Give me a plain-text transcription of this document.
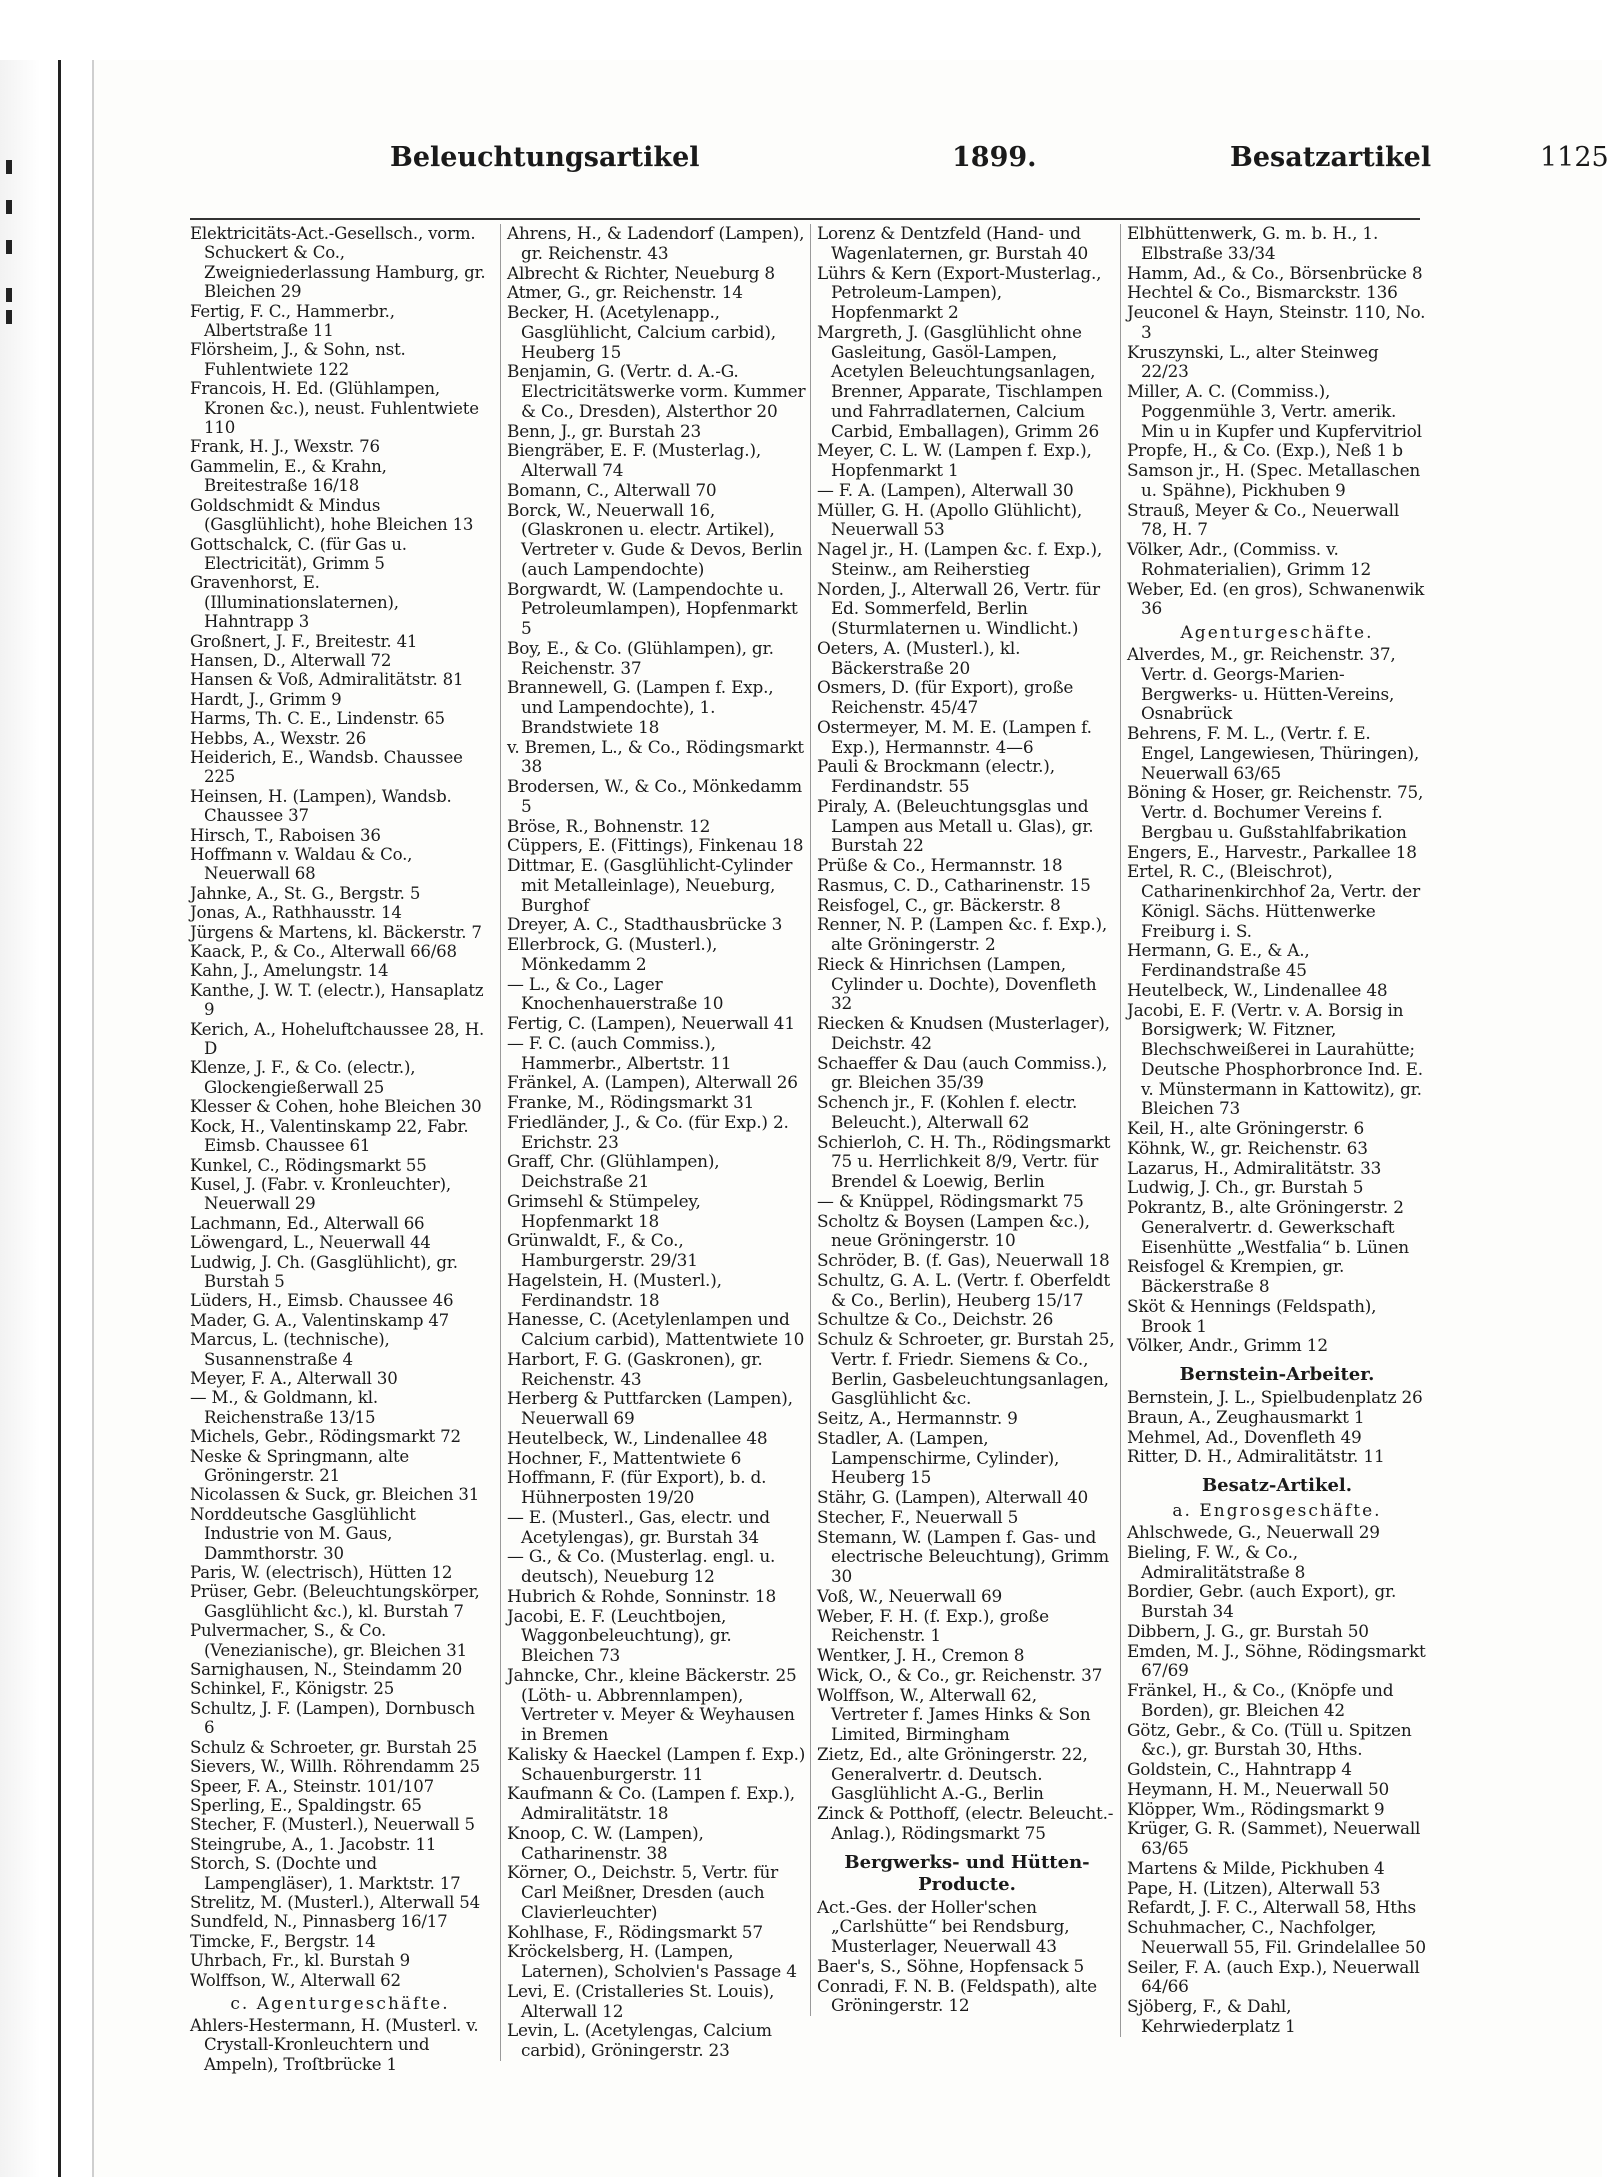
Beleuchtungsartikel	1899.	Besatzartikel	1125

Elektricitäts-Act.-Gesellsch., vorm. Schuckert & Co., Zweigniederlassung Hamburg, gr. Bleichen 29

Fertig, F. C., Hammerbr., Albertstraße 11

Flörsheim, J., & Sohn, nst. Fuhlentwiete 122

Francois, H. Ed. (Glühlampen, Kronen &c.), neust. Fuhlentwiete 110

Frank, H. J., Wexstr. 76

Gammelin, E., & Krahn, Breitestraße 16/18

Goldschmidt & Mindus (Gasglühlicht), hohe Bleichen 13

Gottschalck, C. (für Gas u. Electricität), Grimm 5

Gravenhorst, E. (Illuminationslaternen), Hahntrapp 3

Großnert, J. F., Breitestr. 41

Hansen, D., Alterwall 72

Hansen & Voß, Admiralitätstr. 81

Hardt, J., Grimm 9

Harms, Th. C. E., Lindenstr. 65

Hebbs, A., Wexstr. 26

Heiderich, E., Wandsb. Chaussee 225

Heinsen, H. (Lampen), Wandsb. Chaussee 37

Hirsch, T., Raboisen 36

Hoffmann v. Waldau & Co., Neuerwall 68

Jahnke, A., St. G., Bergstr. 5

Jonas, A., Rathhausstr. 14

Jürgens & Martens, kl. Bäckerstr. 7

Kaack, P., & Co., Alterwall 66/68

Kahn, J., Amelungstr. 14

Kanthe, J. W. T. (electr.), Hansaplatz 9

Kerich, A., Hoheluftchaussee 28, H. D

Klenze, J. F., & Co. (electr.), Glockengießerwall 25

Klesser & Cohen, hohe Bleichen 30

Kock, H., Valentinskamp 22, Fabr. Eimsb. Chaussee 61

Kunkel, C., Rödingsmarkt 55

Kusel, J. (Fabr. v. Kronleuchter), Neuerwall 29

Lachmann, Ed., Alterwall 66

Löwengard, L., Neuerwall 44

Ludwig, J. Ch. (Gasglühlicht), gr. Burstah 5

Lüders, H., Eimsb. Chaussee 46

Mader, G. A., Valentinskamp 47

Marcus, L. (technische), Susannenstraße 4

Meyer, F. A., Alterwall 30

— M., & Goldmann, kl. Reichenstraße 13/15

Michels, Gebr., Rödingsmarkt 72

Neske & Springmann, alte Gröningerstr. 21

Nicolassen & Suck, gr. Bleichen 31

Norddeutsche Gasglühlicht Industrie von M. Gaus, Dammthorstr. 30

Paris, W. (electrisch), Hütten 12

Prüser, Gebr. (Beleuchtungskörper, Gasglühlicht &c.), kl. Burstah 7

Pulvermacher, S., & Co. (Venezianische), gr. Bleichen 31

Sarnighausen, N., Steindamm 20

Schinkel, F., Königstr. 25

Schultz, J. F. (Lampen), Dornbusch 6

Schulz & Schroeter, gr. Burstah 25

Sievers, W., Willh. Röhrendamm 25

Speer, F. A., Steinstr. 101/107

Sperling, E., Spaldingstr. 65

Stecher, F. (Musterl.), Neuerwall 5

Steingrube, A., 1. Jacobstr. 11

Storch, S. (Dochte und Lampengläser), 1. Marktstr. 17

Strelitz, M. (Musterl.), Alterwall 54

Sundfeld, N., Pinnasberg 16/17

Timcke, F., Bergstr. 14

Uhrbach, Fr., kl. Burstah 9

Wolffson, W., Alterwall 62

c. Agenturgeschäfte.

Ahlers-Hestermann, H. (Musterl. v. Crystall-Kronleuchtern und Ampeln), Troſtbrücke 1

Ahrens, H., & Ladendorf (Lampen), gr. Reichenstr. 43

Albrecht & Richter, Neueburg 8

Atmer, G., gr. Reichenstr. 14

Becker, H. (Acetylenapp., Gasglühlicht, Calcium carbid), Heuberg 15

Benjamin, G. (Vertr. d. A.-G. Electricitätswerke vorm. Kummer & Co., Dresden), Alsterthor 20

Benn, J., gr. Burstah 23

Biengräber, E. F. (Musterlag.), Alterwall 74

Bomann, C., Alterwall 70

Borck, W., Neuerwall 16, (Glaskronen u. electr. Artikel), Vertreter v. Gude & Devos, Berlin (auch Lampendochte)

Borgwardt, W. (Lampendochte u. Petroleumlampen), Hopfenmarkt 5

Boy, E., & Co. (Glühlampen), gr. Reichenstr. 37

Brannewell, G. (Lampen f. Exp., und Lampendochte), 1. Brandstwiete 18

v. Bremen, L., & Co., Rödingsmarkt 38

Brodersen, W., & Co., Mönkedamm 5

Bröse, R., Bohnenstr. 12

Cüppers, E. (Fittings), Finkenau 18

Dittmar, E. (Gasglühlicht-Cylinder mit Metalleinlage), Neueburg, Burghof

Dreyer, A. C., Stadthausbrücke 3

Ellerbrock, G. (Musterl.), Mönkedamm 2

— L., & Co., Lager Knochenhauerstraße 10

Fertig, C. (Lampen), Neuerwall 41

— F. C. (auch Commiss.), Hammerbr., Albertstr. 11

Fränkel, A. (Lampen), Alterwall 26

Franke, M., Rödingsmarkt 31

Friedländer, J., & Co. (für Exp.) 2. Erichstr. 23

Graff, Chr. (Glühlampen), Deichstraße 21

Grimsehl & Stümpeley, Hopfenmarkt 18

Grünwaldt, F., & Co., Hamburgerstr. 29/31

Hagelstein, H. (Musterl.), Ferdinandstr. 18

Hanesse, C. (Acetylenlampen und Calcium carbid), Mattentwiete 10

Harbort, F. G. (Gaskronen), gr. Reichenstr. 43

Herberg & Puttfarcken (Lampen), Neuerwall 69

Heutelbeck, W., Lindenallee 48

Hochner, F., Mattentwiete 6

Hoffmann, F. (für Export), b. d. Hühnerposten 19/20

— E. (Musterl., Gas, electr. und Acetylengas), gr. Burstah 34

— G., & Co. (Musterlag. engl. u. deutsch), Neueburg 12

Hubrich & Rohde, Sonninstr. 18

Jacobi, E. F. (Leuchtbojen, Waggonbeleuchtung), gr. Bleichen 73

Jahncke, Chr., kleine Bäckerstr. 25 (Löth- u. Abbrennlampen), Vertreter v. Meyer & Weyhausen in Bremen

Kalisky & Haeckel (Lampen f. Exp.) Schauenburgerstr. 11

Kaufmann & Co. (Lampen f. Exp.), Admiralitätstr. 18

Knoop, C. W. (Lampen), Catharinenstr. 38

Körner, O., Deichstr. 5, Vertr. für Carl Meißner, Dresden (auch Clavierleuchter)

Kohlhase, F., Rödingsmarkt 57

Kröckelsberg, H. (Lampen, Laternen), Scholvien's Passage 4

Levi, E. (Cristalleries St. Louis), Alterwall 12

Levin, L. (Acetylengas, Calcium carbid), Gröningerstr. 23

Lorenz & Dentzfeld (Hand- und Wagenlaternen, gr. Burstah 40

Lührs & Kern (Export-Musterlag., Petroleum-Lampen), Hopfenmarkt 2

Margreth, J. (Gasglühlicht ohne Gasleitung, Gasöl-Lampen, Acetylen Beleuchtungsanlagen, Brenner, Apparate, Tischlampen und Fahrradlaternen, Calcium Carbid, Emballagen), Grimm 26

Meyer, C. L. W. (Lampen f. Exp.), Hopfenmarkt 1

— F. A. (Lampen), Alterwall 30

Müller, G. H. (Apollo Glühlicht), Neuerwall 53

Nagel jr., H. (Lampen &c. f. Exp.), Steinw., am Reiherstieg

Norden, J., Alterwall 26, Vertr. für Ed. Sommerfeld, Berlin (Sturmlaternen u. Windlicht.)

Oeters, A. (Musterl.), kl. Bäckerstraße 20

Osmers, D. (für Export), große Reichenstr. 45/47

Ostermeyer, M. M. E. (Lampen f. Exp.), Hermannstr. 4—6

Pauli & Brockmann (electr.), Ferdinandstr. 55

Piraly, A. (Beleuchtungsglas und Lampen aus Metall u. Glas), gr. Burstah 22

Prüße & Co., Hermannstr. 18

Rasmus, C. D., Catharinenstr. 15

Reisfogel, C., gr. Bäckerstr. 8

Renner, N. P. (Lampen &c. f. Exp.), alte Gröningerstr. 2

Rieck & Hinrichsen (Lampen, Cylinder u. Dochte), Dovenfleth 32

Riecken & Knudsen (Musterlager), Deichstr. 42

Schaeffer & Dau (auch Commiss.), gr. Bleichen 35/39

Schench jr., F. (Kohlen f. electr. Beleucht.), Alterwall 62

Schierloh, C. H. Th., Rödingsmarkt 75 u. Herrlichkeit 8/9, Vertr. für Brendel & Loewig, Berlin

— & Knüppel, Rödingsmarkt 75

Scholtz & Boysen (Lampen &c.), neue Gröningerstr. 10

Schröder, B. (f. Gas), Neuerwall 18

Schultz, G. A. L. (Vertr. f. Oberfeldt & Co., Berlin), Heuberg 15/17

Schultze & Co., Deichstr. 26

Schulz & Schroeter, gr. Burstah 25, Vertr. f. Friedr. Siemens & Co., Berlin, Gasbeleuchtungsanlagen, Gasglühlicht &c.

Seitz, A., Hermannstr. 9

Stadler, A. (Lampen, Lampenschirme, Cylinder), Heuberg 15

Stähr, G. (Lampen), Alterwall 40

Stecher, F., Neuerwall 5

Stemann, W. (Lampen f. Gas- und electrische Beleuchtung), Grimm 30

Voß, W., Neuerwall 69

Weber, F. H. (f. Exp.), große Reichenstr. 1

Wentker, J. H., Cremon 8

Wick, O., & Co., gr. Reichenstr. 37

Wolffson, W., Alterwall 62, Vertreter f. James Hinks & Son Limited, Birmingham

Zietz, Ed., alte Gröningerstr. 22, Generalvertr. d. Deutsch. Gasglühlicht A.-G., Berlin

Zinck & Potthoff, (electr. Beleucht.-Anlag.), Rödingsmarkt 75

Bergwerks- und Hütten-Producte.

Act.-Ges. der Holler'schen „Carlshütte“ bei Rendsburg, Musterlager, Neuerwall 43

Baer's, S., Söhne, Hopfensack 5

Conradi, F. N. B. (Feldspath), alte Gröningerstr. 12

Elbhüttenwerk, G. m. b. H., 1. Elbstraße 33/34

Hamm, Ad., & Co., Börsenbrücke 8

Hechtel & Co., Bismarckstr. 136

Jeuconel & Hayn, Steinstr. 110, No. 3

Kruszynski, L., alter Steinweg 22/23

Miller, A. C. (Commiss.), Poggenmühle 3, Vertr. amerik. Min u in Kupfer und Kupfervitriol

Propfe, H., & Co. (Exp.), Neß 1 b

Samson jr., H. (Spec. Metallaschen u. Spähne), Pickhuben 9

Strauß, Meyer & Co., Neuerwall 78, H. 7

Völker, Adr., (Commiss. v. Rohmaterialien), Grimm 12

Weber, Ed. (en gros), Schwanenwik 36

Agenturgeschäfte.

Alverdes, M., gr. Reichenstr. 37, Vertr. d. Georgs-Marien-Bergwerks- u. Hütten-Vereins, Osnabrück

Behrens, F. M. L., (Vertr. f. E. Engel, Langewiesen, Thüringen), Neuerwall 63/65

Böning & Hoser, gr. Reichenstr. 75, Vertr. d. Bochumer Vereins f. Bergbau u. Gußstahlfabrikation

Engers, E., Harvestr., Parkallee 18

Ertel, R. C., (Bleischrot), Catharinenkirchhof 2a, Vertr. der Königl. Sächs. Hüttenwerke Freiburg i. S.

Hermann, G. E., & A., Ferdinandstraße 45

Heutelbeck, W., Lindenallee 48

Jacobi, E. F. (Vertr. v. A. Borsig in Borsigwerk; W. Fitzner, Blechschweißerei in Laurahütte; Deutsche Phosphorbronce Ind. E. v. Münstermann in Kattowitz), gr. Bleichen 73

Keil, H., alte Gröningerstr. 6

Köhnk, W., gr. Reichenstr. 63

Lazarus, H., Admiralitätstr. 33

Ludwig, J. Ch., gr. Burstah 5

Pokrantz, B., alte Gröningerstr. 2 Generalvertr. d. Gewerkschaft Eisenhütte „Westfalia“ b. Lünen

Reisfogel & Krempien, gr. Bäckerstraße 8

Sköt & Hennings (Feldspath), Brook 1

Völker, Andr., Grimm 12

Bernstein-Arbeiter.

Bernstein, J. L., Spielbudenplatz 26

Braun, A., Zeughausmarkt 1

Mehmel, Ad., Dovenfleth 49

Ritter, D. H., Admiralitätstr. 11

Besatz-Artikel.
a. Engrosgeschäfte.

Ahlschwede, G., Neuerwall 29

Bieling, F. W., & Co., Admiralitätstraße 8

Bordier, Gebr. (auch Export), gr. Burstah 34

Dibbern, J. G., gr. Burstah 50

Emden, M. J., Söhne, Rödingsmarkt 67/69

Fränkel, H., & Co., (Knöpfe und Borden), gr. Bleichen 42

Götz, Gebr., & Co. (Tüll u. Spitzen &c.), gr. Burstah 30, Hths.

Goldstein, C., Hahntrapp 4

Heymann, H. M., Neuerwall 50

Klöpper, Wm., Rödingsmarkt 9

Krüger, G. R. (Sammet), Neuerwall 63/65

Martens & Milde, Pickhuben 4

Pape, H. (Litzen), Alterwall 53

Refardt, J. F. C., Alterwall 58, Hths

Schuhmacher, C., Nachfolger, Neuerwall 55, Fil. Grindelallee 50

Seiler, F. A. (auch Exp.), Neuerwall 64/66

Sjöberg, F., & Dahl, Kehrwiederplatz 1
